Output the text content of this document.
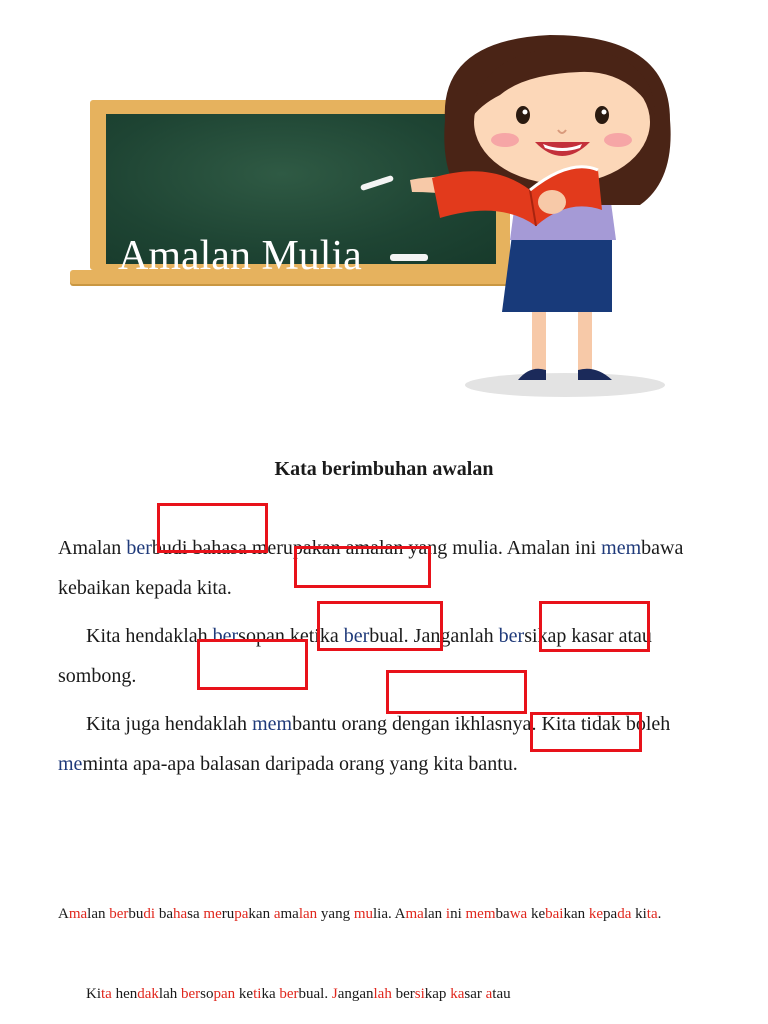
Amalan Mulia
Kata berimbuhan awalan
Amalan berbudi bahasa merupakan amalan yang mulia. Amalan ini membawa kebaikan kepada kita.
Kita hendaklah bersopan ketika berbual. Janganlah bersikap kasar atau sombong.
Kita juga hendaklah membantu orang dengan ikhlasnya. Kita tidak boleh meminta apa-apa balasan daripada orang yang kita bantu.
Amalan berbudi bahasa merupakan amalan yang mulia. Amalan ini membawa kebaikan kepada kita.
Kita hendaklah bersopan ketika berbual. Janganlah bersikap kasar atau
